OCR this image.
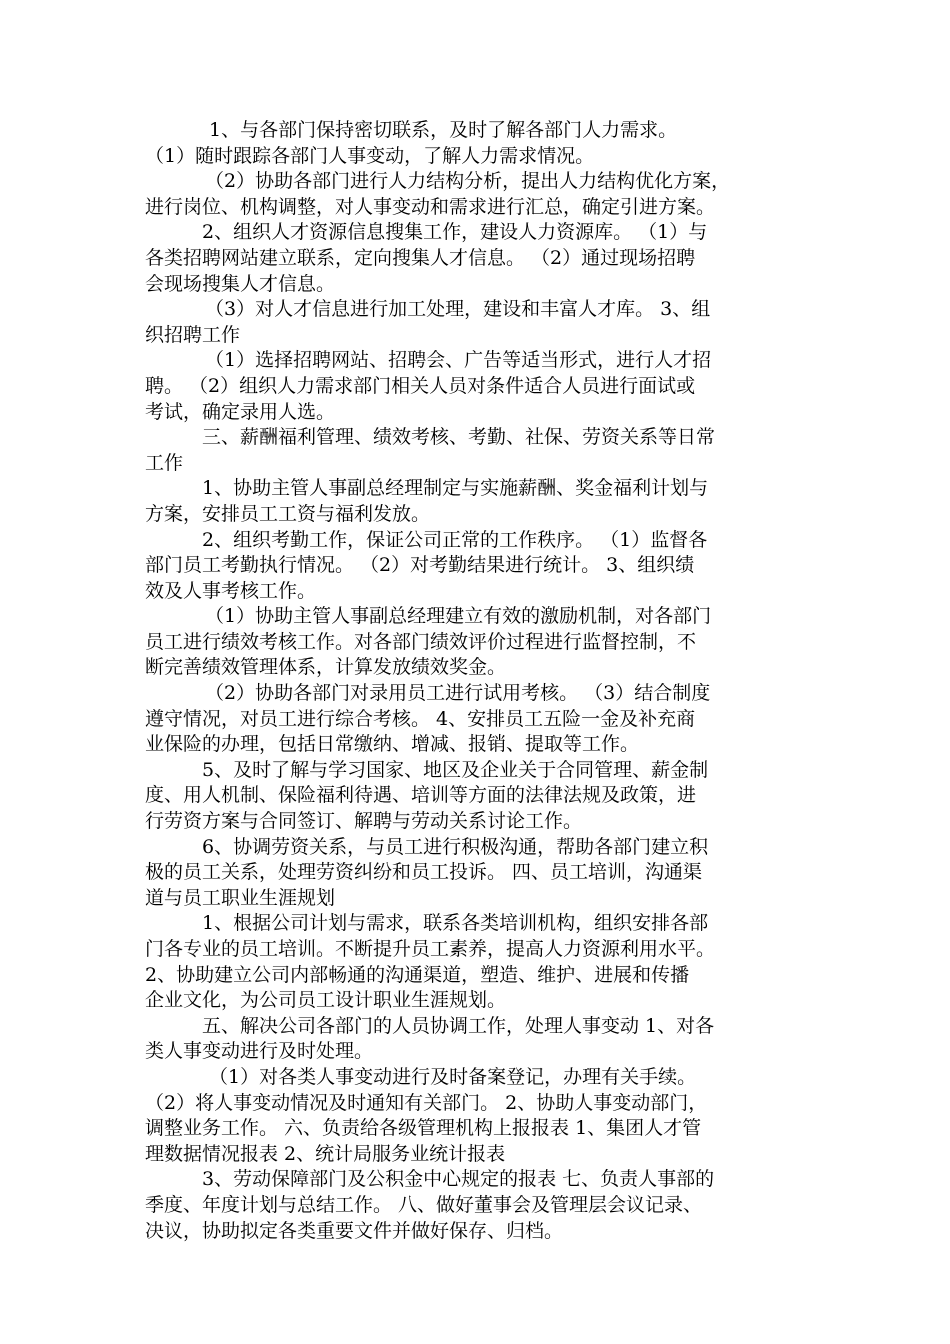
1、与各部门保持密切联系，及时了解各部门人力需求。
（1）随时跟踪各部门人事变动，了解人力需求情况。
（2）协助各部门进行人力结构分析，提出人力结构优化方案，
进行岗位、机构调整，对人事变动和需求进行汇总，确定引进方案。
2、组织人才资源信息搜集工作，建设人力资源库。 （1）与
各类招聘网站建立联系，定向搜集人才信息。 （2）通过现场招聘
会现场搜集人才信息。
（3）对人才信息进行加工处理，建设和丰富人才库。 3、组
织招聘工作
（1）选择招聘网站、招聘会、广告等适当形式，进行人才招
聘。 （2）组织人力需求部门相关人员对条件适合人员进行面试或
考试，确定录用人选。
三、薪酬福利管理、绩效考核、考勤、社保、劳资关系等日常
工作
1、协助主管人事副总经理制定与实施薪酬、奖金福利计划与
方案，安排员工工资与福利发放。
2、组织考勤工作，保证公司正常的工作秩序。 （1）监督各
部门员工考勤执行情况。 （2）对考勤结果进行统计。 3、组织绩
效及人事考核工作。
（1）协助主管人事副总经理建立有效的激励机制，对各部门
员工进行绩效考核工作。对各部门绩效评价过程进行监督控制，不
断完善绩效管理体系，计算发放绩效奖金。
（2）协助各部门对录用员工进行试用考核。 （3）结合制度
遵守情况，对员工进行综合考核。 4、安排员工五险一金及补充商
业保险的办理，包括日常缴纳、增减、报销、提取等工作。
5、及时了解与学习国家、地区及企业关于合同管理、薪金制
度、用人机制、保险福利待遇、培训等方面的法律法规及政策，进
行劳资方案与合同签订、解聘与劳动关系讨论工作。
6、协调劳资关系，与员工进行积极沟通，帮助各部门建立积
极的员工关系，处理劳资纠纷和员工投诉。 四、员工培训，沟通渠
道与员工职业生涯规划
1、根据公司计划与需求，联系各类培训机构，组织安排各部
门各专业的员工培训。不断提升员工素养，提高人力资源利用水平。
2、协助建立公司内部畅通的沟通渠道，塑造、维护、进展和传播
企业文化，为公司员工设计职业生涯规划。
五、解决公司各部门的人员协调工作，处理人事变动 1、对各
类人事变动进行及时处理。
（1）对各类人事变动进行及时备案登记，办理有关手续。
（2）将人事变动情况及时通知有关部门。 2、协助人事变动部门，
调整业务工作。 六、负责给各级管理机构上报报表 1、集团人才管
理数据情况报表 2、统计局服务业统计报表
3、劳动保障部门及公积金中心规定的报表 七、负责人事部的
季度、年度计划与总结工作。 八、做好董事会及管理层会议记录、
决议，协助拟定各类重要文件并做好保存、归档。
